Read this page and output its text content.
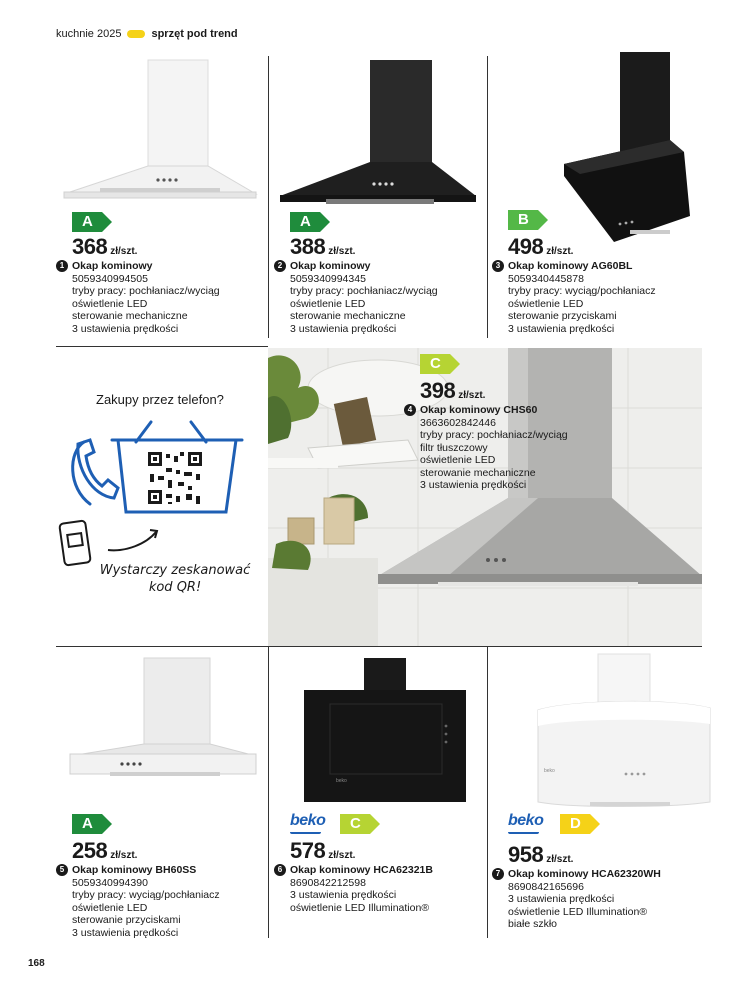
kuchnie 2025	sprzęt pod trend
A
368 zł/szt.
1 Okap kominowy
5059340994505
tryby pracy: pochłaniacz/wyciąg
oświetlenie LED
sterowanie mechaniczne
3 ustawienia prędkości
A
388 zł/szt.
2 Okap kominowy
5059340994345
tryby pracy: pochłaniacz/wyciąg
oświetlenie LED
sterowanie mechaniczne
3 ustawienia prędkości
B
498 zł/szt.
3 Okap kominowy AG60BL
5059340445878
tryby pracy: wyciąg/pochłaniacz
oświetlenie LED
sterowanie przyciskami
3 ustawienia prędkości
Zakupy przez telefon?
Wystarczy zeskanować
kod QR!
C
398 zł/szt.
4 Okap kominowy CHS60
3663602842446
tryby pracy: pochłaniacz/wyciąg
filtr tłuszczowy
oświetlenie LED
sterowanie mechaniczne
3 ustawienia prędkości
beko
beko
A
258 zł/szt.
5 Okap kominowy BH60SS
5059340994390
tryby pracy: wyciąg/pochłaniacz
oświetlenie LED
sterowanie przyciskami
3 ustawienia prędkości
beko	C
578 zł/szt.
6 Okap kominowy HCA62321B
8690842212598
3 ustawienia prędkości
oświetlenie LED Illumination®
beko	D
958 zł/szt.
7 Okap kominowy HCA62320WH
8690842165696
3 ustawienia prędkości
oświetlenie LED Illumination®
białe szkło
168
